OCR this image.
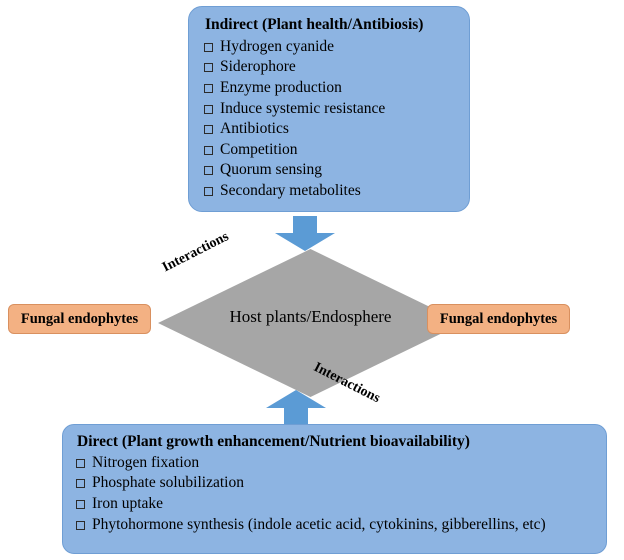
Indirect (Plant health/Antibiosis)
Hydrogen cyanide
Siderophore
Enzyme production
Induce systemic resistance
Antibiotics
Competition
Quorum sensing
Secondary metabolites
Host plants/Endosphere
Fungal endophytes	Fungal endophytes
Interactions
Interactions
Direct (Plant growth enhancement/Nutrient bioavailability)
Nitrogen fixation
Phosphate solubilization
Iron uptake
Phytohormone synthesis (indole acetic acid, cytokinins, gibberellins, etc)
